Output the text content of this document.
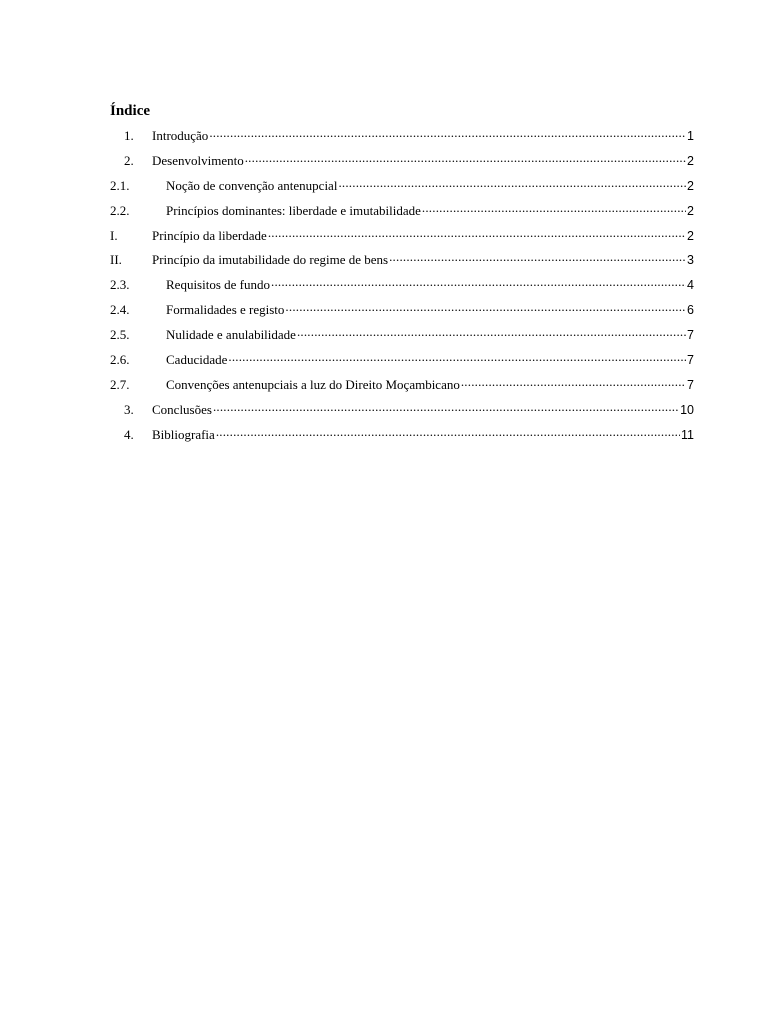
Índice
1.	Introdução .....	1
2.	Desenvolvimento .....	2
2.1.	Noção de convenção antenupcial .....	2
2.2.	Princípios dominantes: liberdade e imutabilidade .....	2
I.	Princípio da liberdade .....	2
II.	Princípio da imutabilidade do regime de bens .....	3
2.3.	Requisitos de fundo .....	4
2.4.	Formalidades e registo .....	6
2.5.	Nulidade e anulabilidade .....	7
2.6.	Caducidade .....	7
2.7.	Convenções antenupciais a luz do Direito Moçambicano .....	7
3.	Conclusões .....	10
4.	Bibliografia .....	11
